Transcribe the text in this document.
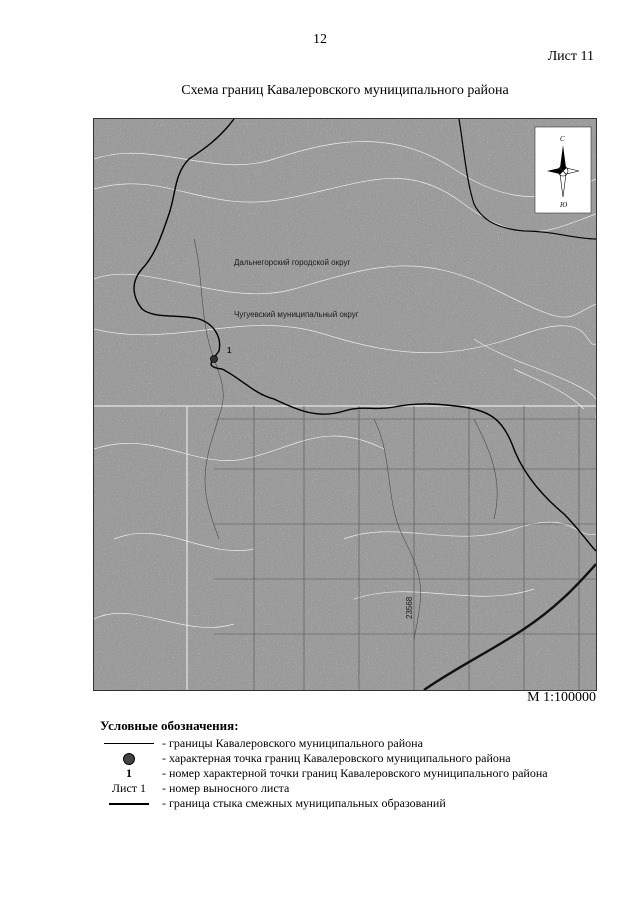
12
Лист 11
Схема границ Кавалеровского муниципального района
С
Ю
1
Дальнегорский городской округ
Чугуевский муниципальный округ
23568
М 1:100000
Условные обозначения:
- границы Кавалеровского муниципального района
- характерная точка границ Кавалеровского муниципального района
1	- номер характерной точки границ Кавалеровского муниципального района
Лист 1	- номер выносного листа
- граница стыка смежных муниципальных образований
